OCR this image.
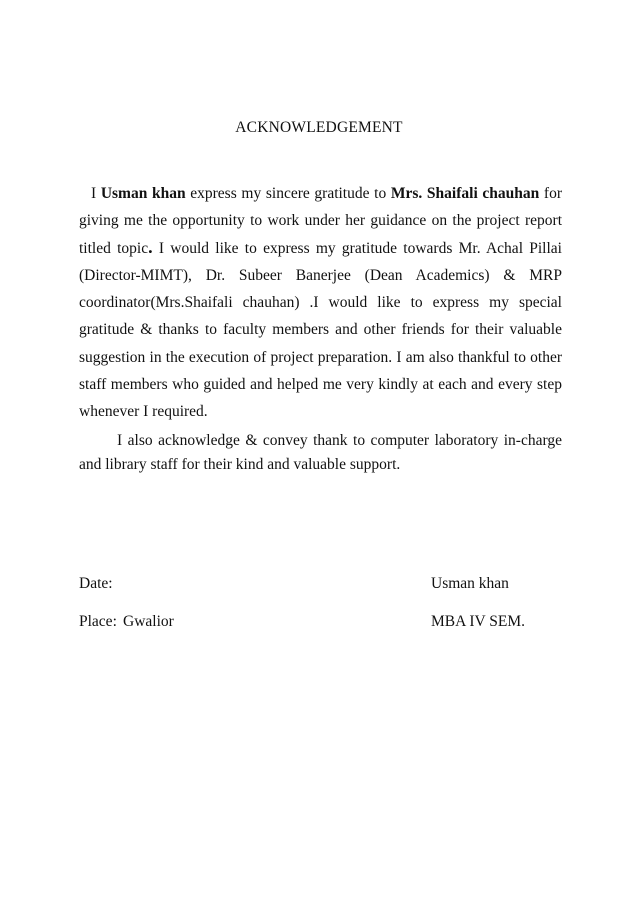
ACKNOWLEDGEMENT

I Usman khan express my sincere gratitude to Mrs. Shaifali chauhan for giving me the opportunity to work under her guidance on the project report titled topic. I would like to express my gratitude towards Mr. Achal Pillai (Director-MIMT), Dr. Subeer Banerjee (Dean Academics) & MRP coordinator(Mrs.Shaifali chauhan) .I would like to express my special gratitude & thanks to faculty members and other friends for their valuable suggestion in the execution of project preparation. I am also thankful to other staff members who guided and helped me very kindly at each and every step whenever I required.

I also acknowledge & convey thank to computer laboratory in-charge and library staff for their kind and valuable support.

Date:
Place: Gwalior
Usman khan
MBA IV SEM.
